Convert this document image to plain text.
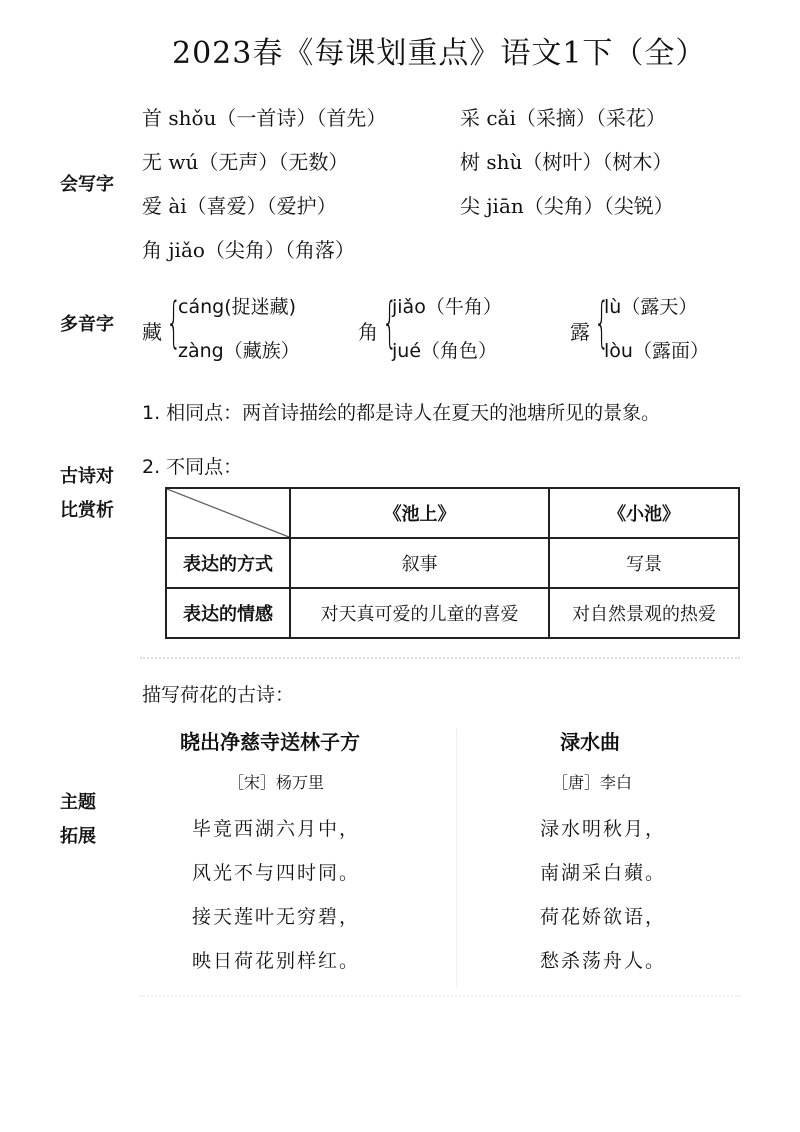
2023春《每课划重点》语文1下（全）
会写字
首 shǒu（一首诗）（首先）	采 cǎi（采摘）（采花）
无 wú（无声）（无数）	树 shù（树叶）（树木）
爱 ài（喜爱）（爱护）	尖 jiān（尖角）（尖锐）
角 jiǎo（尖角）（角落）
多音字 藏 {
cáng(捉迷藏)
zàng（藏族）
角 {
jiǎo（牛角）
jué（角色）
露 {
lù（露天）
lòu（露面）
古诗对
比赏析
1. 相同点：两首诗描绘的都是诗人在夏天的池塘所见的景象。
2. 不同点：
	《池上》	《小池》
表达的方式	叙事	写景
表达的情感	对天真可爱的儿童的喜爱	对自然景观的热爱
主题
拓展
描写荷花的古诗：
晓出净慈寺送林子方
［宋］杨万里
毕竟西湖六月中，
风光不与四时同。
接天莲叶无穷碧，
映日荷花别样红。
渌水曲
［唐］李白
渌水明秋月，
南湖采白蘋。
荷花娇欲语，
愁杀荡舟人。
